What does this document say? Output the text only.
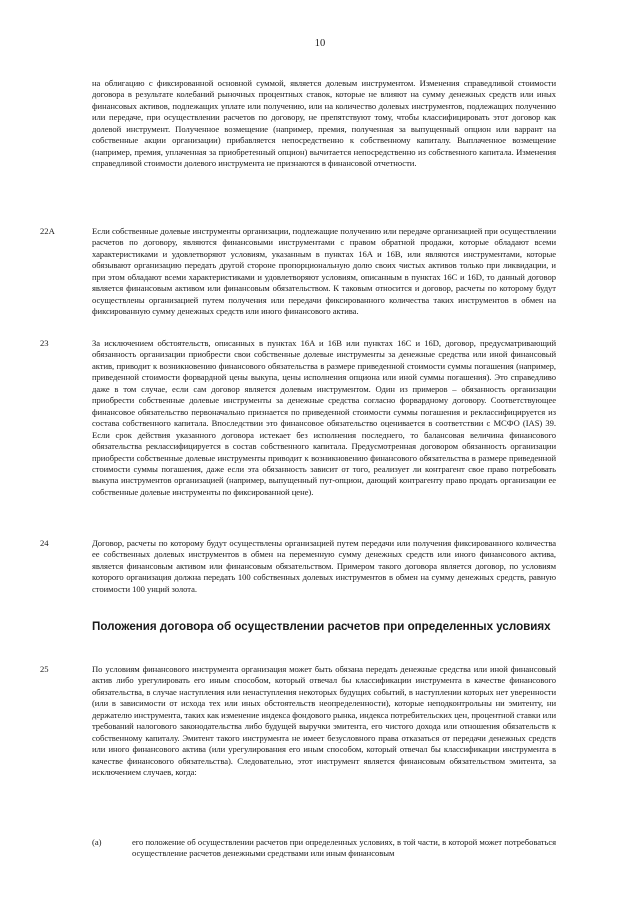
10

на облигацию с фиксированной основной суммой, является долевым инструментом. Изменения справедливой стоимости договора в результате колебаний рыночных процентных ставок, которые не влияют на сумму денежных средств или иных финансовых активов, подлежащих уплате или получению, или на количество долевых инструментов, подлежащих получению или передаче, при осуществлении расчетов по договору, не препятствуют тому, чтобы классифицировать этот договор как долевой инструмент. Полученное возмещение (например, премия, полученная за выпущенный опцион или варрант на собственные акции организации) прибавляется непосредственно к собственному капиталу. Выплаченное возмещение (например, премия, уплаченная за приобретенный опцион) вычитается непосредственно из собственного капитала. Изменения справедливой стоимости долевого инструмента не признаются в финансовой отчетности.

22A	Если собственные долевые инструменты организации, подлежащие получению или передаче организацией при осуществлении расчетов по договору, являются финансовыми инструментами с правом обратной продажи, которые обладают всеми характеристиками и удовлетворяют условиям, указанным в пунктах 16A и 16B, или являются инструментами, которые обязывают организацию передать другой стороне пропорциональную долю своих чистых активов только при ликвидации, и при этом обладают всеми характеристиками и удовлетворяют условиям, описанным в пунктах 16C и 16D, то данный договор является финансовым активом или финансовым обязательством. К таковым относится и договор, расчеты по которому будут осуществлены организацией путем получения или передачи фиксированного количества таких инструментов в обмен на фиксированную сумму денежных средств или иного финансового актива.

23	За исключением обстоятельств, описанных в пунктах 16A и 16B или пунктах 16C и 16D, договор, предусматривающий обязанность организации приобрести свои собственные долевые инструменты за денежные средства или иной финансовый актив, приводит к возникновению финансового обязательства в размере приведенной стоимости суммы погашения (например, приведенной стоимости форвардной цены выкупа, цены исполнения опциона или иной суммы погашения). Это справедливо даже в том случае, если сам договор является долевым инструментом. Один из примеров – обязанность организации приобрести собственные долевые инструменты за денежные средства согласно форвардному договору. Соответствующее финансовое обязательство первоначально признается по приведенной стоимости суммы погашения и реклассифицируется из состава собственного капитала. Впоследствии это финансовое обязательство оценивается в соответствии с МСФО (IAS) 39. Если срок действия указанного договора истекает без исполнения последнего, то балансовая величина финансового обязательства реклассифицируется в состав собственного капитала. Предусмотренная договором обязанность организации приобрести собственные долевые инструменты приводит к возникновению финансового обязательства в размере приведенной стоимости суммы погашения, даже если эта обязанность зависит от того, реализует ли контрагент свое право потребовать выкупа инструментов организацией (например, выпущенный пут-опцион, дающий контрагенту право продать организации ее собственные долевые инструменты по фиксированной цене).

24	Договор, расчеты по которому будут осуществлены организацией путем передачи или получения фиксированного количества ее собственных долевых инструментов в обмен на переменную сумму денежных средств или иного финансового актива, является финансовым активом или финансовым обязательством. Примером такого договора является договор, по условиям которого организация должна передать 100 собственных долевых инструментов в обмен на сумму денежных средств, равную стоимости 100 унций золота.

Положения договора об осуществлении расчетов при определенных условиях
25	По условиям финансового инструмента организация может быть обязана передать денежные средства или иной финансовый актив либо урегулировать его иным способом, который отвечал бы классификации инструмента в качестве финансового обязательства, в случае наступления или ненаступления некоторых будущих событий, в наступлении которых нет уверенности (или в зависимости от исхода тех или иных обстоятельств неопределенности), которые неподконтрольны ни эмитенту, ни держателю инструмента, таких как изменение индекса фондового рынка, индекса потребительских цен, процентной ставки или требований налогового законодательства либо будущей выручки эмитента, его чистого дохода или отношения обязательств к собственному капиталу. Эмитент такого инструмента не имеет безусловного права отказаться от передачи денежных средств или иного финансового актива (или урегулирования его иным способом, который отвечал бы классификации инструмента в качестве финансового обязательства). Следовательно, этот инструмент является финансовым обязательством эмитента, за исключением случаев, когда:

(a)	его положение об осуществлении расчетов при определенных условиях, в той части, в которой может потребоваться осуществление расчетов денежными средствами или иным финансовым
